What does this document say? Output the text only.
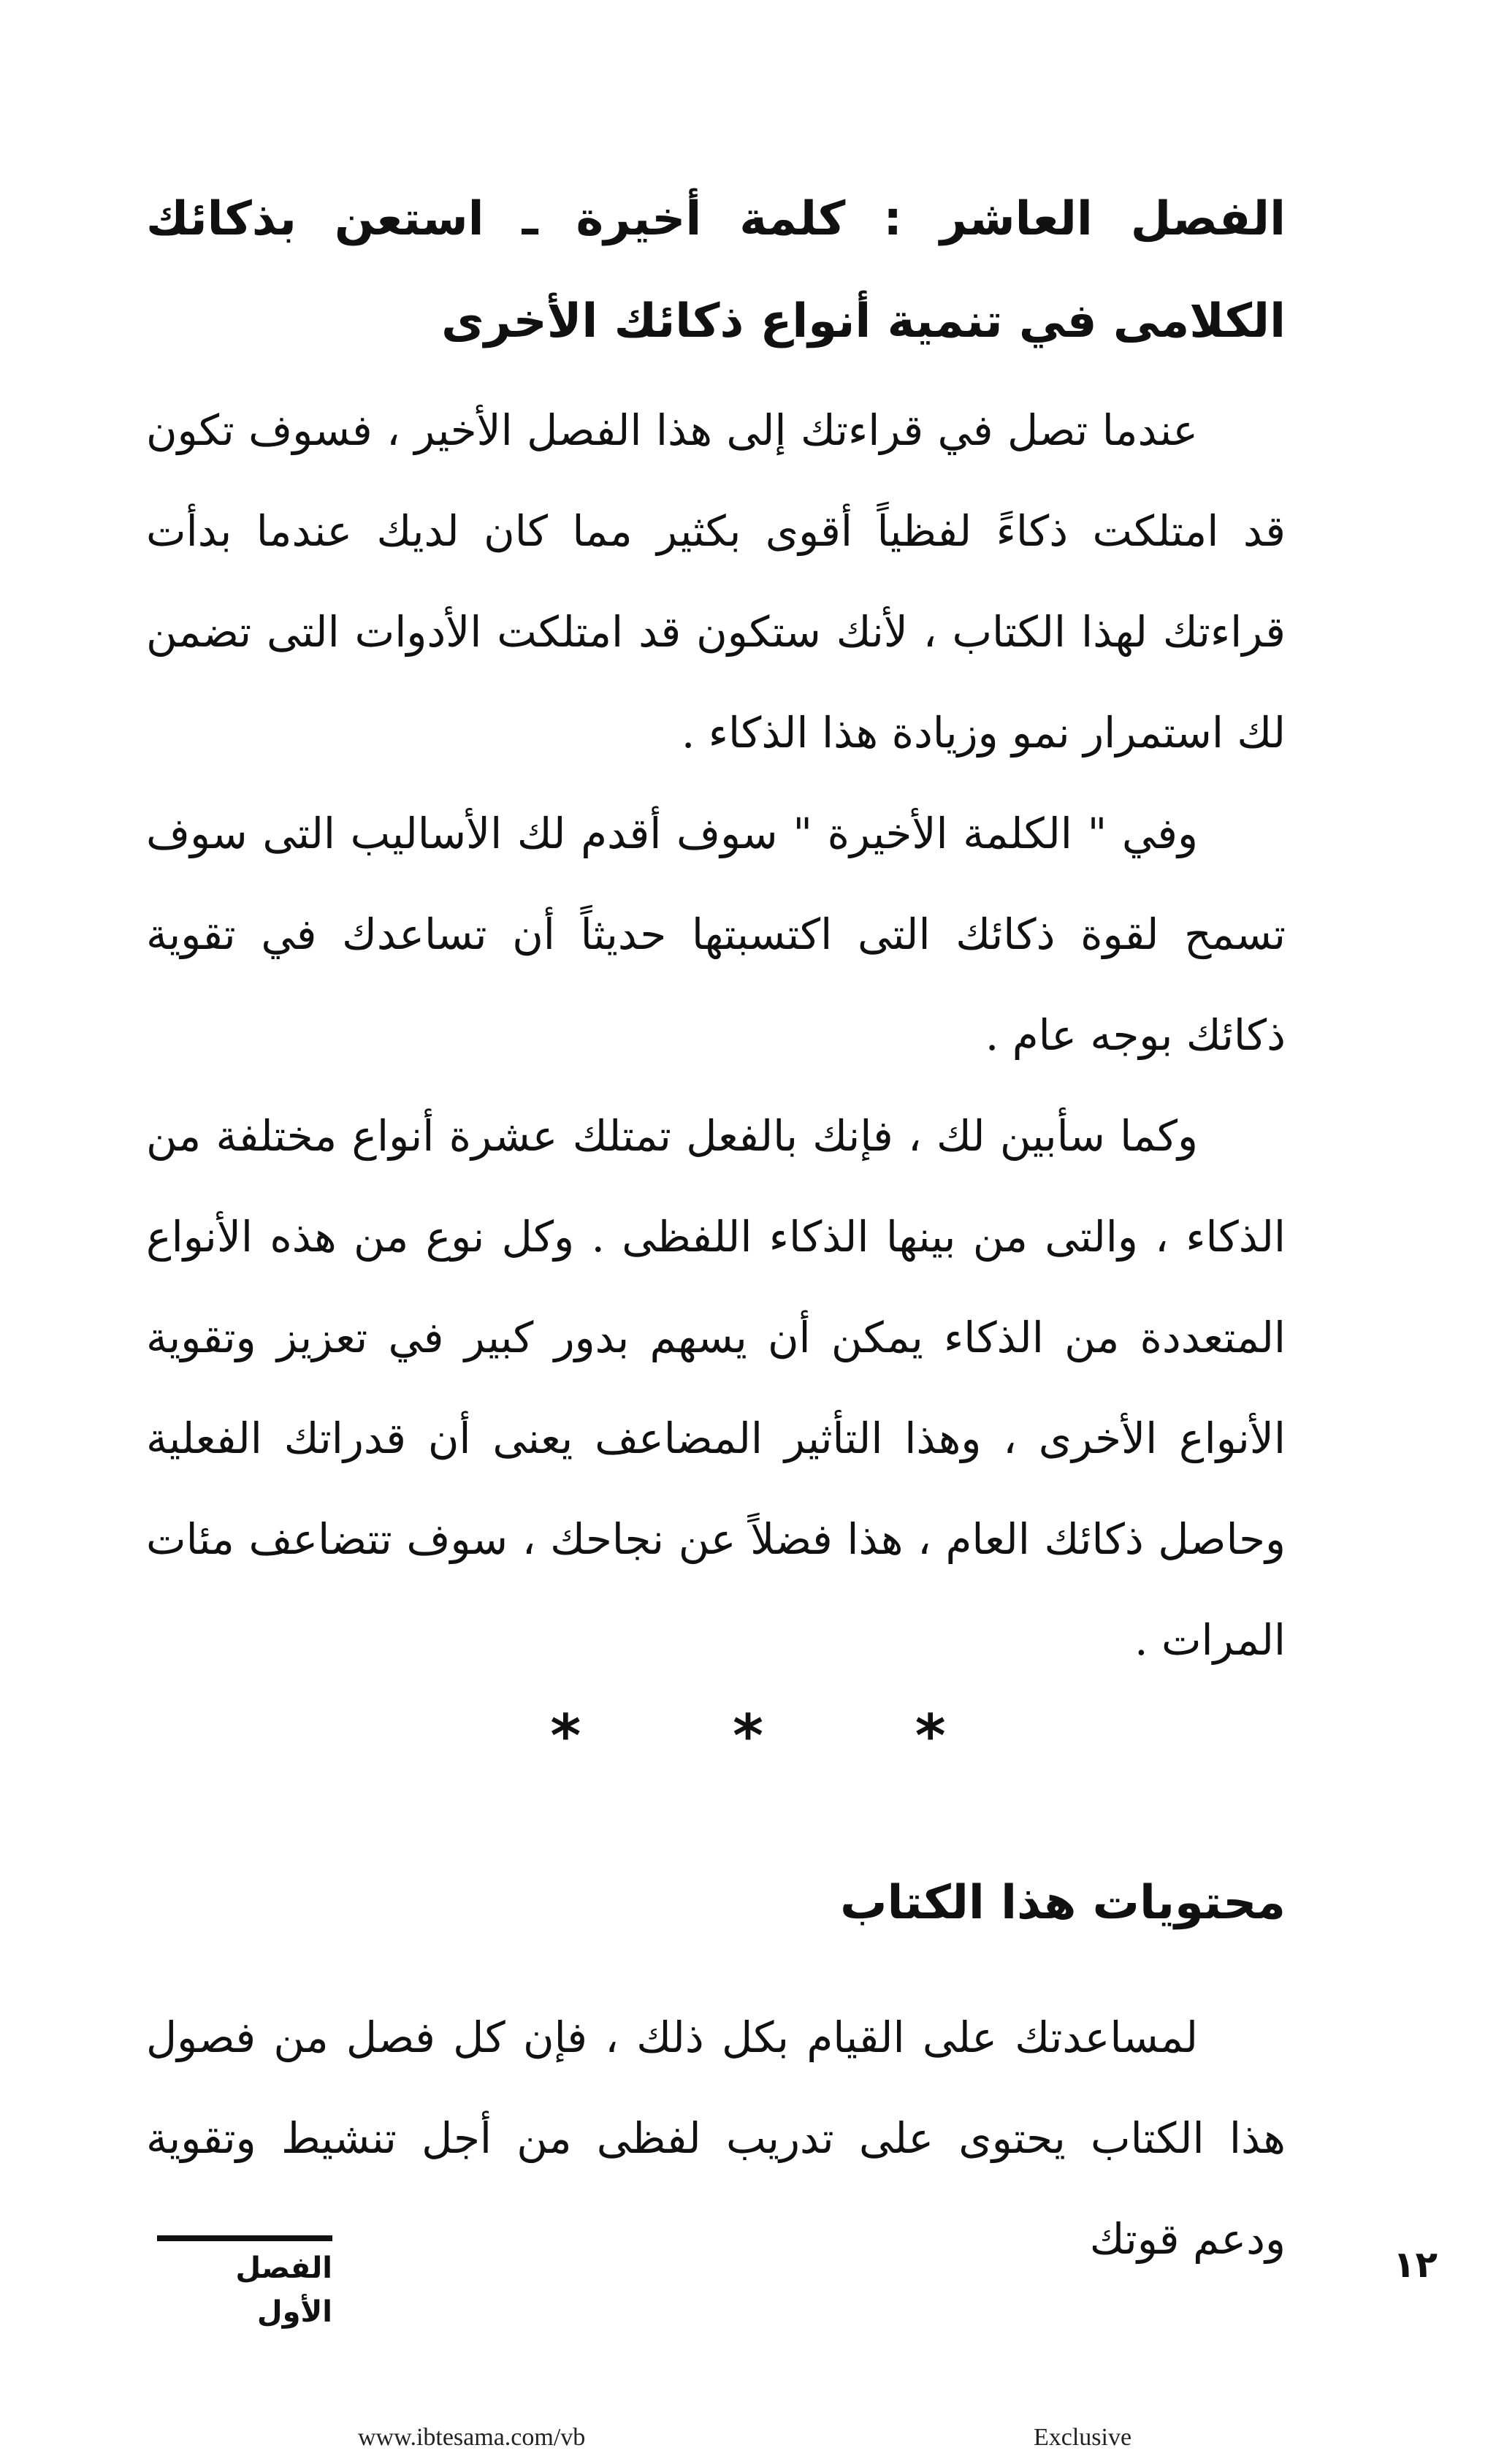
الفصل العاشر : كلمة أخيرة ـ استعن بذكائك الكلامى في تنمية أنواع ذكائك الأخرى

عندما تصل في قراءتك إلى هذا الفصل الأخير ، فسوف تكون قد امتلكت ذكاءً لفظياً أقوى بكثير مما كان لديك عندما بدأت قراءتك لهذا الكتاب ، لأنك ستكون قد امتلكت الأدوات التى تضمن لك استمرار نمو وزيادة هذا الذكاء .

وفي " الكلمة الأخيرة " سوف أقدم لك الأساليب التى سوف تسمح لقوة ذكائك التى اكتسبتها حديثاً أن تساعدك في تقوية ذكائك بوجه عام .

وكما سأبين لك ، فإنك بالفعل تمتلك عشرة أنواع مختلفة من الذكاء ، والتى من بينها الذكاء اللفظى . وكل نوع من هذه الأنواع المتعددة من الذكاء يمكن أن يسهم بدور كبير في تعزيز وتقوية الأنواع الأخرى ، وهذا التأثير المضاعف يعنى أن قدراتك الفعلية وحاصل ذكائك العام ، هذا فضلاً عن نجاحك ، سوف تتضاعف مئات المرات .

*	*	*
محتويات هذا الكتاب

لمساعدتك على القيام بكل ذلك ، فإن كل فصل من فصول هذا الكتاب يحتوى على تدريب لفظى من أجل تنشيط وتقوية ودعم قوتك

الفصل الأول
١٢
www.ibtesama.com/vb	Exclusive
